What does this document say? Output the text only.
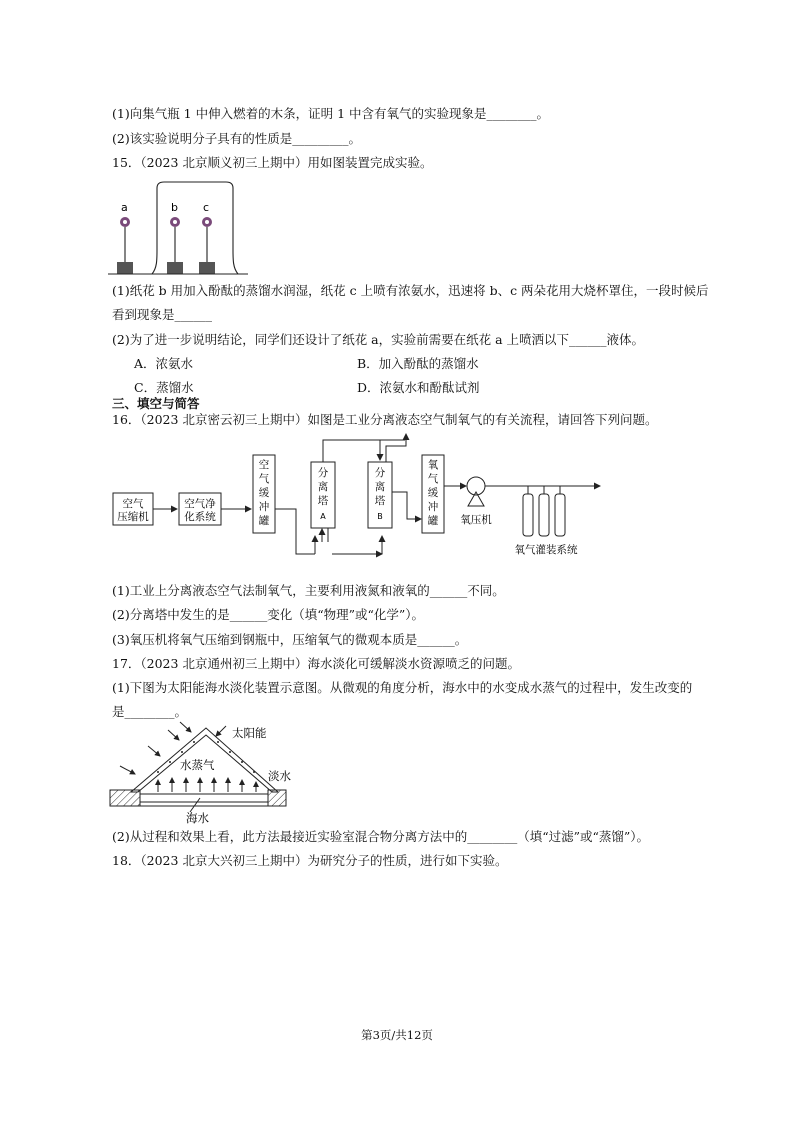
(1)向集气瓶 1 中伸入燃着的木条，证明 1 中含有氧气的实验现象是________。
(2)该实验说明分子具有的性质是_________。
15．（2023 北京顺义初三上期中）用如图装置完成实验。
a	b c
(1)纸花 b 用加入酚酞的蒸馏水润湿，纸花 c 上喷有浓氨水，迅速将 b、c 两朵花用大烧杯罩住，一段时候后
看到现象是______
(2)为了进一步说明结论，同学们还设计了纸花 a，实验前需要在纸花 a 上喷洒以下______液体。
A．浓氨水	B．加入酚酞的蒸馏水
C．蒸馏水	D．浓氨水和酚酞试剂
三、填空与简答
16．（2023 北京密云初三上期中）如图是工业分离液态空气制氧气的有关流程，请回答下列问题。
空气
压缩机
空气净
化系统
空
气
缓
冲
罐
分
离
塔
A
分
离
塔
B
氧
气
缓
冲
罐 氧压机
氧气灌装系统
(1)工业上分离液态空气法制氧气，主要利用液氮和液氧的______不同。
(2)分离塔中发生的是______变化（填“物理”或“化学”）。
(3)氧压机将氧气压缩到钢瓶中，压缩氧气的微观本质是______。
17．（2023 北京通州初三上期中）海水淡化可缓解淡水资源喷乏的问题。
(1)下图为太阳能海水淡化装置示意图。从微观的角度分析，海水中的水变成水蒸气的过程中，发生改变的
是________。
太阳能
水蒸气
淡水
海水
(2)从过程和效果上看，此方法最接近实验室混合物分离方法中的________（填“过滤”或“蒸馏”）。
18．（2023 北京大兴初三上期中）为研究分子的性质，进行如下实验。
第3页/共12页
